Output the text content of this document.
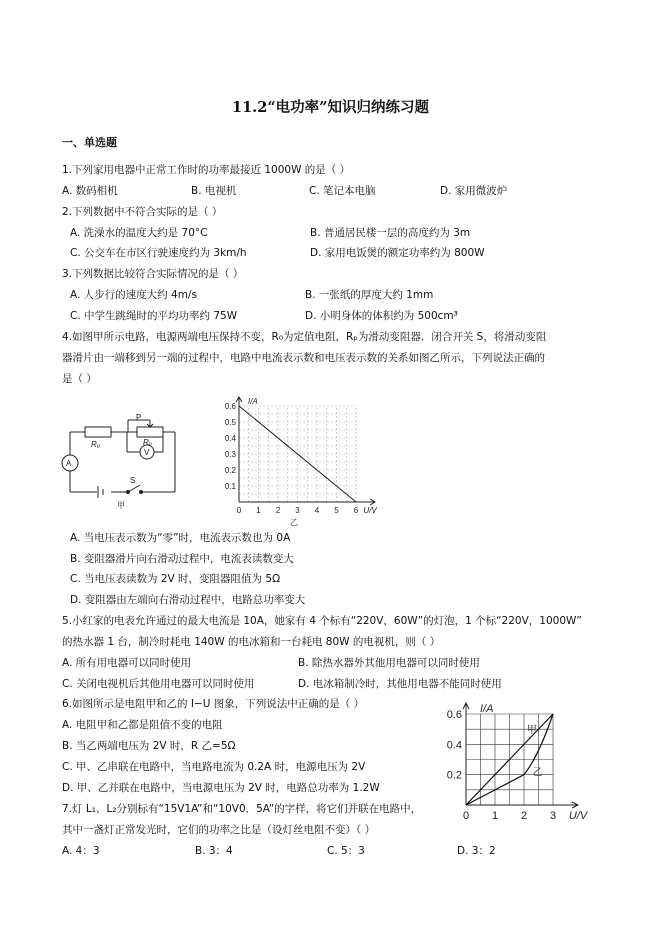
11.2“电功率”知识归纳练习题
一、单选题
1.下列家用电器中正常工作时的功率最接近 1000W 的是（ ）
A. 数码相机	B. 电视机	C. 笔记本电脑	D. 家用微波炉
2.下列数据中不符合实际的是（ ）
A. 洗澡水的温度大约是 70°C	B. 普通居民楼一层的高度约为 3m
C. 公交车在市区行驶速度约为 3km/h	D. 家用电饭煲的额定功率约为 800W
3.下列数据比较符合实际情况的是（ ）
A. 人步行的速度大约 4m/s	B. 一张纸的厚度大约 1mm
C. 中学生跳绳时的平均功率约 75W	D. 小明身体的体积约为 500cm³
4.如图甲所示电路，电源两端电压保持不变，R₀为定值电阻，Rₚ为滑动变阻器．闭合开关 S，将滑动变阻
器滑片由一端移到另一端的过程中，电路中电流表示数和电压表示数的关系如图乙所示，下列说法正确的
是（ ）
R₀	Rₚ
P
S
A
V
甲
0.1
0.2
0.3
0.4
0.5
0.6
0 1 2 3 4 5 6
I/A
U/V
乙
A. 当电压表示数为“零”时，电流表示数也为 0A
B. 变阻器滑片向右滑动过程中，电流表读数变大
C. 当电压表读数为 2V 时，变阻器阻值为 5Ω
D. 变阻器由左端向右滑动过程中，电路总功率变大
5.小红家的电表允许通过的最大电流是 10A，她家有 4 个标有“220V，60W”的灯泡，1 个标“220V，1000W”
的热水器 1 台，制冷时耗电 140W 的电冰箱和一台耗电 80W 的电视机，则（ ）
A. 所有用电器可以同时使用	B. 除热水器外其他用电器可以同时使用
C. 关闭电视机后其他用电器可以同时使用	D. 电冰箱制冷时，其他用电器不能同时使用
6.如图所示是电阻甲和乙的 I−U 图象，下列说法中正确的是（ ）
A. 电阻甲和乙都是阻值不变的电阻
B. 当乙两端电压为 2V 时，R 乙=5Ω
C. 甲、乙串联在电路中，当电路电流为 0.2A 时，电源电压为 2V
D. 甲、乙并联在电路中，当电源电压为 2V 时，电路总功率为 1.2W
0.2
0.4
0.6
0 1 2 3
I/A
U/V
甲
乙
7.灯 L₁、L₂分别标有“15V1A”和“10V0．5A”的字样，将它们并联在电路中，
其中一盏灯正常发光时，它们的功率之比是（设灯丝电阻不变）（ ）
A. 4：3	B. 3：4	C. 5：3	D. 3：2
